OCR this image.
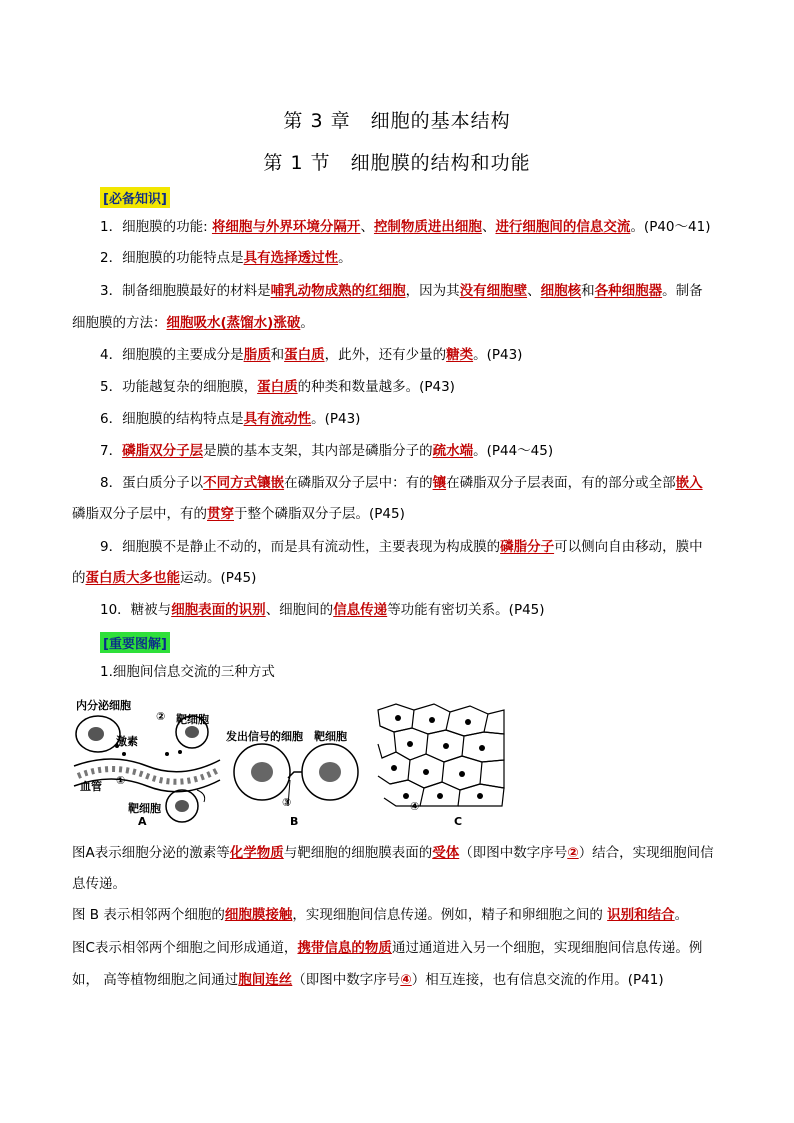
第 3 章　细胞的基本结构
第 1 节　细胞膜的结构和功能
[必备知识]
1．细胞膜的功能: 将细胞与外界环境分隔开、控制物质进出细胞、进行细胞间的信息交流。(P40～41)
2．细胞膜的功能特点是具有选择透过性。
3．制备细胞膜最好的材料是哺乳动物成熟的红细胞，因为其没有细胞壁、细胞核和各种细胞器。制备
细胞膜的方法：细胞吸水(蒸馏水)涨破。
4．细胞膜的主要成分是脂质和蛋白质，此外，还有少量的糖类。(P43)
5．功能越复杂的细胞膜，蛋白质的种类和数量越多。(P43)
6．细胞膜的结构特点是具有流动性。(P43)
7．磷脂双分子层是膜的基本支架，其内部是磷脂分子的疏水端。(P44～45)
8．蛋白质分子以不同方式镶嵌在磷脂双分子层中：有的镶在磷脂双分子层表面，有的部分或全部嵌入
磷脂双分子层中，有的贯穿于整个磷脂双分子层。(P45)
9．细胞膜不是静止不动的，而是具有流动性，主要表现为构成膜的磷脂分子可以侧向自由移动，膜中
的蛋白质大多也能运动。(P45)
10．糖被与细胞表面的识别、细胞间的信息传递等功能有密切关系。(P45)
[重要图解]
1.细胞间信息交流的三种方式
内分泌细胞
激素
② 靶细胞
①
血管
靶细胞
A
发出信号的细胞 靶细胞
③
B
④
C
图A表示细胞分泌的激素等化学物质与靶细胞的细胞膜表面的受体（即图中数字序号②）结合，实现细胞间信
息传递。
图 B 表示相邻两个细胞的细胞膜接触，实现细胞间信息传递。例如，精子和卵细胞之间的 识别和结合。
图C表示相邻两个细胞之间形成通道，携带信息的物质通过通道进入另一个细胞，实现细胞间信息传递。例
如， 高等植物细胞之间通过胞间连丝（即图中数字序号④）相互连接，也有信息交流的作用。(P41)
